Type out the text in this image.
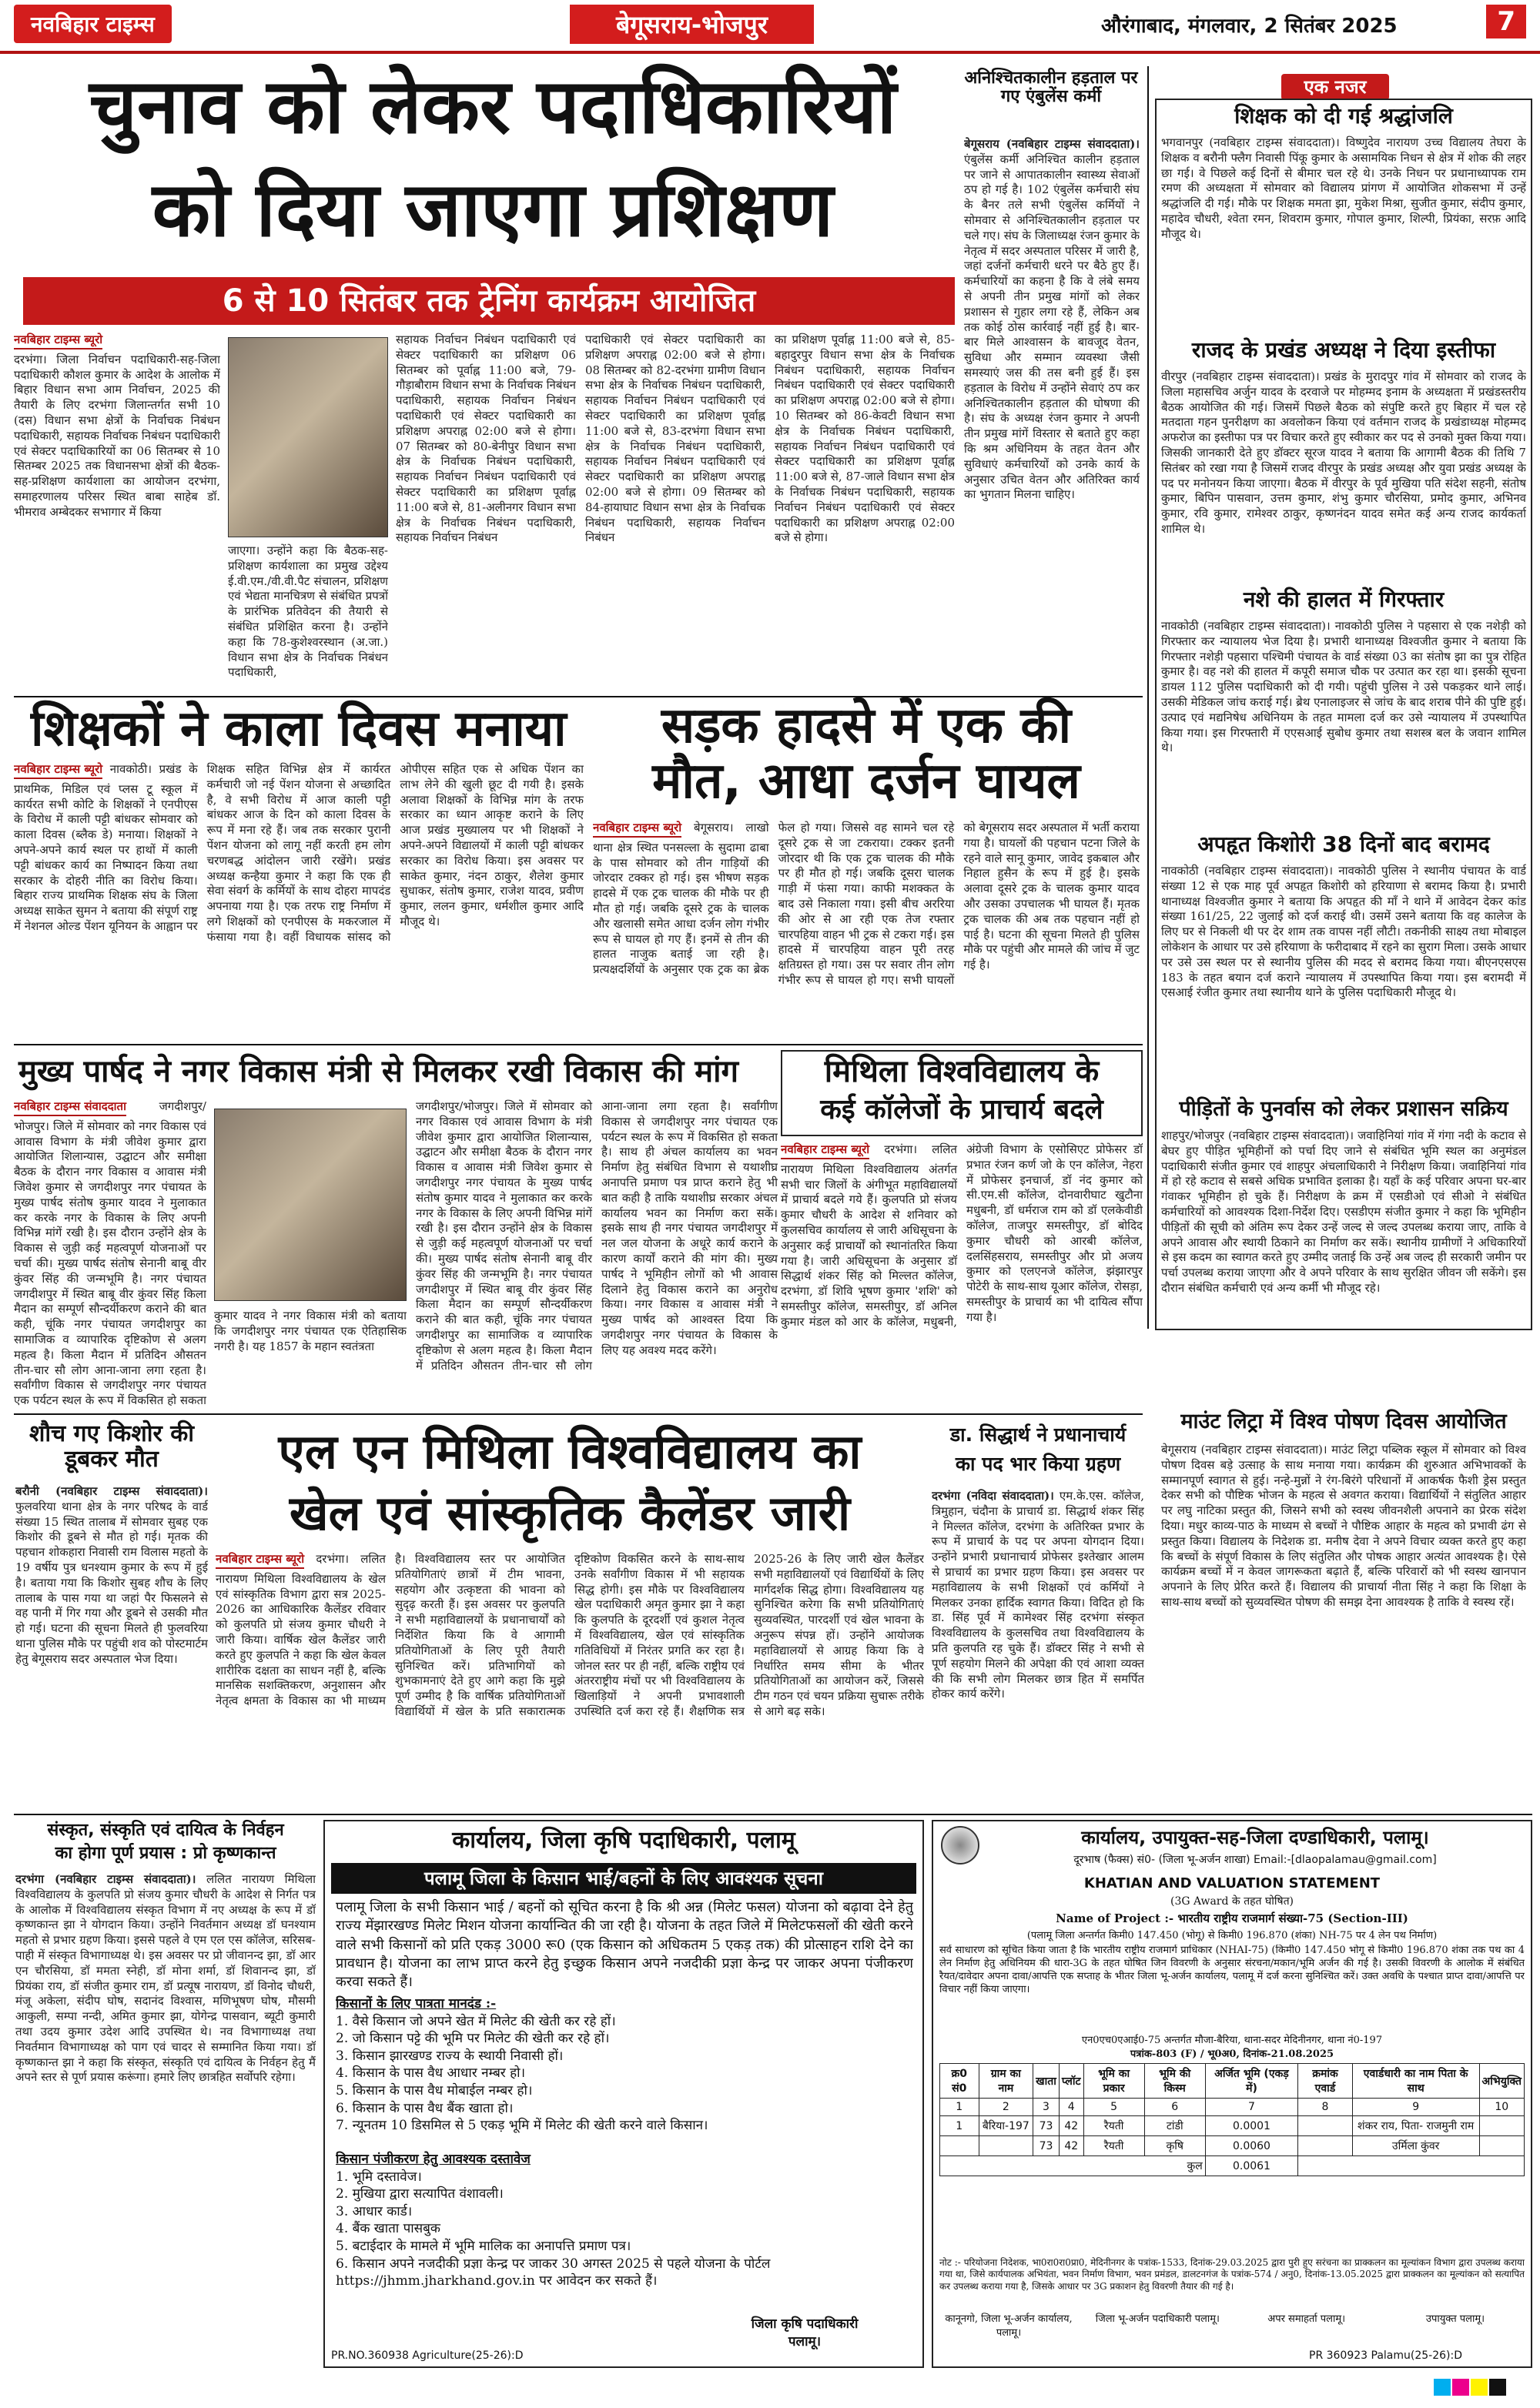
नवबिहार टाइम्स	बेगूसराय-भोजपुर	औरंगाबाद, मंगलवार, 2 सितंबर 2025	7
चुनाव को लेकर पदाधिकारियों
को दिया जाएगा प्रशिक्षण
6 से 10 सितंबर तक ट्रेनिंग कार्यक्रम आयोजित
नवबिहार टाइम्स ब्यूरो
दरभंगा। जिला निर्वाचन पदाधिकारी-सह-जिला पदाधिकारी कौशल कुमार के आदेश के आलोक में बिहार विधान सभा आम निर्वाचन, 2025 की तैयारी के लिए दरभंगा जिलान्तर्गत सभी 10 (दस) विधान सभा क्षेत्रों के निर्वाचक निबंधन पदाधिकारी, सहायक निर्वाचक निबंधन पदाधिकारी एवं सेक्टर पदाधिकारियों का 06 सितम्बर से 10 सितम्बर 2025 तक विधानसभा क्षेत्रों की बैठक-सह-प्रशिक्षण कार्यशाला का आयोजन दरभंगा, समाहरणालय परिसर स्थित बाबा साहेब डॉ. भीमराव अम्बेदकर सभागार में किया
जाएगा। उन्होंने कहा कि बैठक-सह-प्रशिक्षण कार्यशाला का प्रमुख उद्देश्य ई.वी.एम./वी.वी.पैट संचालन, प्रशिक्षण एवं भेद्यता मानचित्रण से संबंधित प्रपत्रों के प्रारंभिक प्रतिवेदन की तैयारी से संबंधित प्रशिक्षित करना है। उन्होंने कहा कि 78-कुशेश्वरस्थान (अ.जा.) विधान सभा क्षेत्र के निर्वाचक निबंधन पदाधिकारी,
सहायक निर्वाचन निबंधन पदाधिकारी एवं सेक्टर पदाधिकारी का प्रशिक्षण 06 सितम्बर को पूर्वाह्न 11:00 बजे, 79-गौड़ाबौराम विधान सभा के निर्वाचक निबंधन पदाधिकारी, सहायक निर्वाचन निबंधन पदाधिकारी एवं सेक्टर पदाधिकारी का प्रशिक्षण अपराह्न 02:00 बजे से होगा। 07 सितम्बर को 80-बेनीपुर विधान सभा क्षेत्र के निर्वाचक निबंधन पदाधिकारी, सहायक निर्वाचन निबंधन पदाधिकारी एवं सेक्टर पदाधिकारी का प्रशिक्षण पूर्वाह्न 11:00 बजे से, 81-अलीनगर विधान सभा क्षेत्र के निर्वाचक निबंधन पदाधिकारी, सहायक निर्वाचन निबंधन
पदाधिकारी एवं सेक्टर पदाधिकारी का प्रशिक्षण अपराह्न 02:00 बजे से होगा। 08 सितम्बर को 82-दरभंगा ग्रामीण विधान सभा क्षेत्र के निर्वाचक निबंधन पदाधिकारी, सहायक निर्वाचन निबंधन पदाधिकारी एवं सेक्टर पदाधिकारी का प्रशिक्षण पूर्वाह्न 11:00 बजे से, 83-दरभंगा विधान सभा क्षेत्र के निर्वाचक निबंधन पदाधिकारी, सहायक निर्वाचन निबंधन पदाधिकारी एवं सेक्टर पदाधिकारी का प्रशिक्षण अपराह्न 02:00 बजे से होगा। 09 सितम्बर को 84-हायाघाट विधान सभा क्षेत्र के निर्वाचक निबंधन पदाधिकारी, सहायक निर्वाचन निबंधन
का प्रशिक्षण पूर्वाह्न 11:00 बजे से, 85-बहादुरपुर विधान सभा क्षेत्र के निर्वाचक निबंधन पदाधिकारी, सहायक निर्वाचन निबंधन पदाधिकारी एवं सेक्टर पदाधिकारी का प्रशिक्षण अपराह्न 02:00 बजे से होगा। 10 सितम्बर को 86-केवटी विधान सभा क्षेत्र के निर्वाचक निबंधन पदाधिकारी, सहायक निर्वाचन निबंधन पदाधिकारी एवं सेक्टर पदाधिकारी का प्रशिक्षण पूर्वाह्न 11:00 बजे से, 87-जाले विधान सभा क्षेत्र के निर्वाचक निबंधन पदाधिकारी, सहायक निर्वाचन निबंधन पदाधिकारी एवं सेक्टर पदाधिकारी का प्रशिक्षण अपराह्न 02:00 बजे से होगा।
अनिश्चितकालीन हड़ताल पर गए एंबुलेंस कर्मी
बेगूसराय (नवबिहार टाइम्स संवाददाता)। एंबुलेंस कर्मी अनिश्चित कालीन हड़ताल पर जाने से आपातकालीन स्वास्थ्य सेवाओं ठप हो गई है। 102 एंबुलेंस कर्मचारी संघ के बैनर तले सभी एंबुलेंस कर्मियों ने सोमवार से अनिश्चितकालीन हड़ताल पर चले गए। संघ के जिलाध्यक्ष रंजन कुमार के नेतृत्व में सदर अस्पताल परिसर में जारी है, जहां दर्जनों कर्मचारी धरने पर बैठे हुए हैं। कर्मचारियों का कहना है कि वे लंबे समय से अपनी तीन प्रमुख मांगों को लेकर प्रशासन से गुहार लगा रहे हैं, लेकिन अब तक कोई ठोस कार्रवाई नहीं हुई है। बार-बार मिले आश्वासन के बावजूद वेतन, सुविधा और सम्मान व्यवस्था जैसी समस्याएं जस की तस बनी हुई हैं। इस हड़ताल के विरोध में उन्होंने सेवाएं ठप कर अनिश्चितकालीन हड़ताल की घोषणा की है। संघ के अध्यक्ष रंजन कुमार ने अपनी तीन प्रमुख मांगें विस्तार से बताते हुए कहा कि श्रम अधिनियम के तहत वेतन और सुविधाएं कर्मचारियों को उनके कार्य के अनुसार उचित वेतन और अतिरिक्त कार्य का भुगतान मिलना चाहिए।
एक नजर
शिक्षक को दी गई श्रद्धांजलि
भगवानपुर (नवबिहार टाइम्स संवाददाता)। विष्णुदेव नारायण उच्च विद्यालय तेघरा के शिक्षक व बरौनी फ्लैग निवासी पिंकू कुमार के असामयिक निधन से क्षेत्र में शोक की लहर छा गई। वे पिछले कई दिनों से बीमार चल रहे थे। उनके निधन पर प्रधानाध्यापक राम रमण की अध्यक्षता में सोमवार को विद्यालय प्रांगण में आयोजित शोकसभा में उन्हें श्रद्धांजलि दी गई। मौके पर शिक्षक ममता झा, मुकेश मिश्रा, सुजीत कुमार, संदीप कुमार, महादेव चौधरी, श्वेता रमन, शिवराम कुमार, गोपाल कुमार, शिल्पी, प्रियंका, सरफ़ आदि मौजूद थे।
राजद के प्रखंड अध्यक्ष ने दिया इस्तीफा
वीरपुर (नवबिहार टाइम्स संवाददाता)। प्रखंड के मुरादपुर गांव में सोमवार को राजद के जिला महासचिव अर्जुन यादव के दरवाजे पर मोहम्मद इनाम के अध्यक्षता में प्रखंडस्तरीय बैठक आयोजित की गई। जिसमें पिछले बैठक को संपुष्टि करते हुए बिहार में चल रहे मतदाता गहन पुनरीक्षण का अवलोकन किया एवं वर्तमान राजद के प्रखंडाध्यक्ष मोहम्मद अफरोज का इस्तीफा पत्र पर विचार करते हुए स्वीकार कर पद से उनको मुक्त किया गया। जिसकी जानकारी देते हुए डॉक्टर सूरज यादव ने बताया कि आगामी बैठक की तिथि 7 सितंबर को रखा गया है जिसमें राजद वीरपुर के प्रखंड अध्यक्ष और युवा प्रखंड अध्यक्ष के पद पर मनोनयन किया जाएगा। बैठक में वीरपुर के पूर्व मुखिया पति संदेश सहनी, संतोष कुमार, बिपिन पासवान, उत्तम कुमार, शंभु कुमार चौरसिया, प्रमोद कुमार, अभिनव कुमार, रवि कुमार, रामेश्वर ठाकुर, कृष्णनंदन यादव समेत कई अन्य राजद कार्यकर्ता शामिल थे।
नशे की हालत में गिरफ्तार
नावकोठी (नवबिहार टाइम्स संवाददाता)। नावकोठी पुलिस ने पहसारा से एक नशेड़ी को गिरफ्तार कर न्यायालय भेज दिया है। प्रभारी थानाध्यक्ष विश्वजीत कुमार ने बताया कि गिरफ्तार नशेड़ी पहसारा पश्चिमी पंचायत के वार्ड संख्या 03 का संतोष झा का पुत्र रोहित कुमार है। वह नशे की हालत में कपूरी समाज चौक पर उत्पात कर रहा था। इसकी सूचना डायल 112 पुलिस पदाधिकारी को दी गयी। पहुंची पुलिस ने उसे पकड़कर थाने लाई। उसकी मेडिकल जांच कराई गई। ब्रेथ एनालाइजर से जांच के बाद शराब पीने की पुष्टि हुई। उत्पाद एवं मद्यनिषेध अधिनियम के तहत मामला दर्ज कर उसे न्यायालय में उपस्थापित किया गया। इस गिरफ्तारी में एएसआई सुबोध कुमार तथा सशस्त्र बल के जवान शामिल थे।
अपहृत किशोरी 38 दिनों बाद बरामद
नावकोठी (नवबिहार टाइम्स संवाददाता)। नावकोठी पुलिस ने स्थानीय पंचायत के वार्ड संख्या 12 से एक माह पूर्व अपहृत किशोरी को हरियाणा से बरामद किया है। प्रभारी थानाध्यक्ष विश्वजीत कुमार ने बताया कि अपहृत की माँ ने थाने में आवेदन देकर कांड संख्या 161/25, 22 जुलाई को दर्ज कराई थी। उसमें उसने बताया कि वह कालेज के लिए घर से निकली थी पर देर शाम तक वापस नहीं लौटी। तकनीकी साक्ष्य तथा मोबाइल लोकेशन के आधार पर उसे हरियाणा के फरीदाबाद में रहने का सुराग मिला। उसके आधार पर उसे उस स्थल पर से स्थानीय पुलिस की मदद से बरामद किया गया। बीएनएसएस 183 के तहत बयान दर्ज कराने न्यायालय में उपस्थापित किया गया। इस बरामदी में एसआई रंजीत कुमार तथा स्थानीय थाने के पुलिस पदाधिकारी मौजूद थे।
पीड़ितों के पुनर्वास को लेकर प्रशासन सक्रिय
शाहपुर/भोजपुर (नवबिहार टाइम्स संवाददाता)। जवाहिनियां गांव में गंगा नदी के कटाव से बेघर हुए पीड़ित भूमिहीनों को पर्चा दिए जाने से संबंधित भूमि स्थल का अनुमंडल पदाधिकारी संजीत कुमार एवं शाहपुर अंचलाधिकारी ने निरीक्षण किया। जवाहिनियां गांव में हो रहे कटाव से सबसे अधिक प्रभावित इलाका है। यहाँ के कई परिवार अपना घर-बार गंवाकर भूमिहीन हो चुके हैं। निरीक्षण के क्रम में एसडीओ एवं सीओ ने संबंधित कर्मचारियों को आवश्यक दिशा-निर्देश दिए। एसडीएम संजीत कुमार ने कहा कि भूमिहीन पीड़ितों की सूची को अंतिम रूप देकर उन्हें जल्द से जल्द उपलब्ध कराया जाए, ताकि वे अपने आवास और स्थायी ठिकाने का निर्माण कर सकें। स्थानीय ग्रामीणों ने अधिकारियों से इस कदम का स्वागत करते हुए उम्मीद जताई कि उन्हें अब जल्द ही सरकारी जमीन पर पर्चा उपलब्ध कराया जाएगा और वे अपने परिवार के साथ सुरक्षित जीवन जी सकेंगे। इस दौरान संबंधित कर्मचारी एवं अन्य कर्मी भी मौजूद रहे।
माउंट लिट्रा में विश्व पोषण दिवस आयोजित
बेगूसराय (नवबिहार टाइम्स संवाददाता)। माउंट लिट्रा पब्लिक स्कूल में सोमवार को विश्व पोषण दिवस बड़े उत्साह के साथ मनाया गया। कार्यक्रम की शुरुआत अभिभावकों के सम्मानपूर्ण स्वागत से हुई। नन्हे-मुन्नों ने रंग-बिरंगे परिधानों में आकर्षक फैशी ड्रेस प्रस्तुत देकर सभी को पौष्टिक भोजन के महत्व से अवगत कराया। विद्यार्थियों ने संतुलित आहार पर लघु नाटिका प्रस्तुत की, जिसने सभी को स्वस्थ जीवनशैली अपनाने का प्रेरक संदेश दिया। मधुर काव्य-पाठ के माध्यम से बच्चों ने पौष्टिक आहार के महत्व को प्रभावी ढंग से प्रस्तुत किया। विद्यालय के निदेशक डा. मनीष देवा ने अपने विचार व्यक्त करते हुए कहा कि बच्चों के संपूर्ण विकास के लिए संतुलित और पोषक आहार अत्यंत आवश्यक है। ऐसे कार्यक्रम बच्चों में न केवल जागरूकता बढ़ाते हैं, बल्कि परिवारों को भी स्वस्थ खानपान अपनाने के लिए प्रेरित करते हैं। विद्यालय की प्राचार्या नीता सिंह ने कहा कि शिक्षा के साथ-साथ बच्चों को सुव्यवस्थित पोषण की समझ देना आवश्यक है ताकि वे स्वस्थ रहें।
शिक्षकों ने काला दिवस मनाया
नवबिहार टाइम्स ब्यूरो नावकोठी। प्रखंड के प्राथमिक, मिडिल एवं प्लस टू स्कूल में कार्यरत सभी कोटि के शिक्षकों ने एनपीएस के विरोध में काली पट्टी बांधकर सोमवार को काला दिवस (ब्लैक डे) मनाया। शिक्षकों ने अपने-अपने कार्य स्थल पर हाथों में काली पट्टी बांधकर कार्य का निष्पादन किया तथा सरकार के दोहरी नीति का विरोध किया। बिहार राज्य प्राथमिक शिक्षक संघ के जिला अध्यक्ष साकेत सुमन ने बताया की संपूर्ण राष्ट्र में नेशनल ओल्ड पेंशन यूनियन के आह्वान पर शिक्षक सहित विभिन्न क्षेत्र में कार्यरत कर्मचारी जो नई पेंशन योजना से अच्छादित है, वे सभी विरोध में आज काली पट्टी बांधकर आज के दिन को काला दिवस के रूप में मना रहे हैं। जब तक सरकार पुरानी पेंशन योजना को लागू नहीं करती हम लोग चरणबद्ध आंदोलन जारी रखेंगे। प्रखंड अध्यक्ष कन्हैया कुमार ने कहा कि एक ही सेवा संवर्ग के कर्मियों के साथ दोहरा मापदंड अपनाया गया है। एक तरफ राष्ट्र निर्माण में लगे शिक्षकों को एनपीएस के मकरजाल में फंसाया गया है। वहीं विधायक सांसद को ओपीएस सहित एक से अधिक पेंशन का लाभ लेने की खुली छूट दी गयी है। इसके अलावा शिक्षकों के विभिन्न मांग के तरफ सरकार का ध्यान आकृष्ट कराने के लिए आज प्रखंड मुख्यालय पर भी शिक्षकों ने अपने-अपने विद्यालयों में काली पट्टी बांधकर सरकार का विरोध किया। इस अवसर पर साकेत कुमार, नंदन ठाकुर, शैलेश कुमार सुधाकर, संतोष कुमार, राजेश यादव, प्रवीण कुमार, ललन कुमार, धर्मशील कुमार आदि मौजूद थे।
सड़क हादसे में एक की
मौत, आधा दर्जन घायल
नवबिहार टाइम्स ब्यूरो बेगूसराय। लाखो थाना क्षेत्र स्थित पनसल्ला के सुदामा ढाबा के पास सोमवार को तीन गाड़ियों की जोरदार टक्कर हो गई। इस भीषण सड़क हादसे में एक ट्रक चालक की मौके पर ही मौत हो गई। जबकि दूसरे ट्रक के चालक और खलासी समेत आधा दर्जन लोग गंभीर रूप से घायल हो गए हैं। इनमें से तीन की हालत नाजुक बताई जा रही है। प्रत्यक्षदर्शियों के अनुसार एक ट्रक का ब्रेक फेल हो गया। जिससे वह सामने चल रहे दूसरे ट्रक से जा टकराया। टक्कर इतनी जोरदार थी कि एक ट्रक चालक की मौके पर ही मौत हो गई। जबकि दूसरा चालक गाड़ी में फंसा गया। काफी मशक्कत के बाद उसे निकाला गया। इसी बीच अररिया की ओर से आ रही एक तेज रफ्तार चारपहिया वाहन भी ट्रक से टकरा गई। इस हादसे में चारपहिया वाहन पूरी तरह क्षतिग्रस्त हो गया। उस पर सवार तीन लोग गंभीर रूप से घायल हो गए। सभी घायलों को बेगूसराय सदर अस्पताल में भर्ती कराया गया है। घायलों की पहचान पटना जिले के रहने वाले सानू कुमार, जावेद इकबाल और निहाल हुसैन के रूप में हुई है। इसके अलावा दूसरे ट्रक के चालक कुमार यादव और उसका उपचालक भी घायल हैं। मृतक ट्रक चालक की अब तक पहचान नहीं हो पाई है। घटना की सूचना मिलते ही पुलिस मौके पर पहुंची और मामले की जांच में जुट गई है।
मुख्य पार्षद ने नगर विकास मंत्री से मिलकर रखी विकास की मांग
नवबिहार टाइम्स संवाददाता	जगदीशपुर/भोजपुर। जिले में सोमवार को नगर विकास एवं आवास विभाग के मंत्री जीवेश कुमार द्वारा आयोजित शिलान्यास, उद्घाटन और समीक्षा बैठक के दौरान नगर विकास व आवास मंत्री जिवेश कुमार से जगदीशपुर नगर पंचायत के मुख्य पार्षद संतोष कुमार यादव ने मुलाकात कर करके नगर के विकास के लिए अपनी विभिन्न मांगें रखी है। इस दौरान उन्होंने क्षेत्र के विकास से जुड़ी कई महत्वपूर्ण योजनाओं पर चर्चा की। मुख्य पार्षद संतोष सेनानी बाबू वीर कुंवर सिंह की जन्मभूमि है। नगर पंचायत जगदीशपुर में स्थित बाबू वीर कुंवर सिंह किला मैदान का सम्पूर्ण सौन्दर्यीकरण कराने की बात कही, चूंकि नगर पंचायत जगदीशपुर का सामाजिक व व्यापारिक दृष्टिकोण से अलग महत्व है। किला मैदान में प्रतिदिन औसतन तीन-चार सौ लोग आना-जाना लगा रहता है। सर्वांगीण विकास से जगदीशपुर नगर पंचायत एक पर्यटन स्थल के रूप में विकसित हो सकता
कुमार यादव ने नगर विकास मंत्री को बताया कि जगदीशपुर नगर पंचायत एक ऐतिहासिक नगरी है। यह 1857 के महान स्वतंत्रता
जगदीशपुर/भोजपुर। जिले में सोमवार को नगर विकास एवं आवास विभाग के मंत्री जीवेश कुमार द्वारा आयोजित शिलान्यास, उद्घाटन और समीक्षा बैठक के दौरान नगर विकास व आवास मंत्री जिवेश कुमार से जगदीशपुर नगर पंचायत के मुख्य पार्षद संतोष कुमार यादव ने मुलाकात कर करके नगर के विकास के लिए अपनी विभिन्न मांगें रखी है। इस दौरान उन्होंने क्षेत्र के विकास से जुड़ी कई महत्वपूर्ण योजनाओं पर चर्चा की। मुख्य पार्षद संतोष सेनानी बाबू वीर कुंवर सिंह की जन्मभूमि है। नगर पंचायत जगदीशपुर में स्थित बाबू वीर कुंवर सिंह किला मैदान का सम्पूर्ण सौन्दर्यीकरण कराने की बात कही, चूंकि नगर पंचायत जगदीशपुर का सामाजिक व व्यापारिक दृष्टिकोण से अलग महत्व है। किला मैदान में प्रतिदिन औसतन तीन-चार सौ लोग आना-जाना लगा रहता है। सर्वांगीण विकास से जगदीशपुर नगर पंचायत एक पर्यटन स्थल के रूप में विकसित हो सकता है। साथ ही अंचल कार्यालय का भवन निर्माण हेतु संबंधित विभाग से यथाशीघ्र अनापत्ति प्रमाण पत्र प्राप्त कराने हेतु भी बात कही है ताकि यथाशीघ्र सरकार अंचल कार्यालय भवन का निर्माण करा सकें। इसके साथ ही नगर पंचायत जगदीशपुर में नल जल योजना के अधूरे कार्य कराने के कारण कार्यों कराने की मांग की। मुख्य पार्षद ने भूमिहीन लोगों को भी आवास दिलाने हेतु विकास कराने का अनुरोध किया। नगर विकास व आवास मंत्री ने मुख्य पार्षद को आश्वस्त दिया कि जगदीशपुर नगर पंचायत के विकास के लिए यह अवश्य मदद करेंगे।
मिथिला विश्वविद्यालय के
कई कॉलेजों के प्राचार्य बदले
नवबिहार टाइम्स ब्यूरो दरभंगा। ललित नारायण मिथिला विश्वविद्यालय अंतर्गत सभी चार जिलों के अंगीभूत महाविद्यालयों में प्राचार्य बदले गये हैं। कुलपति प्रो संजय कुमार चौधरी के आदेश से शनिवार को कुलसचिव कार्यालय से जारी अधिसूचना के अनुसार कई प्राचार्यों को स्थानांतरित किया गया है। जारी अधिसूचना के अनुसार डॉ सिद्धार्थ शंकर सिंह को मिल्लत कॉलेज, दरभंगा, डॉ शिवि भूषण कुमार 'शशि' को समस्तीपुर कॉलेज, समस्तीपुर, डॉ अनिल कुमार मंडल को आर के कॉलेज, मधुबनी, अंग्रेजी विभाग के एसोसिएट प्रोफेसर डॉ प्रभात रंजन कर्ण जो के एन कॉलेज, नेहरा में प्रोफेसर इनचार्ज, डॉ नंद कुमार को सी.एम.सी कॉलेज, दोनवारीघाट खुटौना मधुबनी, डॉ धर्मराज राम को डॉ एलकेवीडी कॉलेज, ताजपुर समस्तीपुर, डॉ बोदिद कुमार चौधरी को आरबी कॉलेज, दलसिंहसराय, समस्तीपुर और प्रो अजय कुमार को एलएनजे कॉलेज, झंझारपुर पोटेरी के साथ-साथ यूआर कॉलेज, रोसड़ा, समस्तीपुर के प्राचार्य का भी दायित्व सौंपा गया है।
शौच गए किशोर की डूबकर मौत
बरौनी (नवबिहार टाइम्स संवाददाता)। फुलवरिया थाना क्षेत्र के नगर परिषद के वार्ड संख्या 15 स्थित तालाब में सोमवार सुबह एक किशोर की डूबने से मौत हो गई। मृतक की पहचान शोकहारा निवासी राम विलास महतो के 19 वर्षीय पुत्र धनश्याम कुमार के रूप में हुई है। बताया गया कि किशोर सुबह शौच के लिए तालाब के पास गया था जहां पैर फिसलने से वह पानी में गिर गया और डूबने से उसकी मौत हो गई। घटना की सूचना मिलते ही फुलवरिया थाना पुलिस मौके पर पहुंची शव को पोस्टमार्टम हेतु बेगूसराय सदर अस्पताल भेज दिया।
एल एन मिथिला विश्वविद्यालय का
खेल एवं सांस्कृतिक कैलेंडर जारी
नवबिहार टाइम्स ब्यूरो दरभंगा। ललित नारायण मिथिला विश्वविद्यालय के खेल एवं सांस्कृतिक विभाग द्वारा सत्र 2025-2026 का आधिकारिक कैलेंडर रविवार को कुलपति प्रो संजय कुमार चौधरी ने जारी किया। वार्षिक खेल कैलेंडर जारी करते हुए कुलपति ने कहा कि खेल केवल शारीरिक दक्षता का साधन नहीं है, बल्कि मानसिक सशक्तिकरण, अनुशासन और नेतृत्व क्षमता के विकास का भी माध्यम है। विश्वविद्यालय स्तर पर आयोजित प्रतियोगिताएं छात्रों में टीम भावना, सहयोग और उत्कृष्टता की भावना को सुदृढ़ करती हैं। इस अवसर पर कुलपति ने सभी महाविद्यालयों के प्रधानाचार्यों को निर्देशित किया कि वे आगामी प्रतियोगिताओं के लिए पूरी तैयारी सुनिश्चित करें। प्रतिभागियों को शुभकामनाएं देते हुए आगे कहा कि मुझे पूर्ण उम्मीद है कि वार्षिक प्रतियोगिताओं विद्यार्थियों में खेल के प्रति सकारात्मक दृष्टिकोण विकसित करने के साथ-साथ उनके सर्वांगीण विकास में भी सहायक सिद्ध होगी। इस मौके पर विश्वविद्यालय खेल पदाधिकारी अमृत कुमार झा ने कहा कि कुलपति के दूरदर्शी एवं कुशल नेतृत्व में विश्वविद्यालय, खेल एवं सांस्कृतिक गतिविधियों में निरंतर प्रगति कर रहा है। जोनल स्तर पर ही नहीं, बल्कि राष्ट्रीय एवं अंतरराष्ट्रीय मंचों पर भी विश्वविद्यालय के खिलाड़ियों ने अपनी प्रभावशाली उपस्थिति दर्ज करा रहे हैं। शैक्षणिक सत्र 2025-26 के लिए जारी खेल कैलेंडर सभी महाविद्यालयों एवं विद्यार्थियों के लिए मार्गदर्शक सिद्ध होगा। विश्वविद्यालय यह सुनिश्चित करेगा कि सभी प्रतियोगिताएं सुव्यवस्थित, पारदर्शी एवं खेल भावना के अनुरूप संपन्न हों। उन्होंने आयोजक महाविद्यालयों से आग्रह किया कि वे निर्धारित समय सीमा के भीतर प्रतियोगिताओं का आयोजन करें, जिससे टीम गठन एवं चयन प्रक्रिया सुचारू तरीके से आगे बढ़ सके।
डा. सिद्धार्थ ने प्रधानाचार्य
का पद भार किया ग्रहण
दरभंगा (नविदा संवाददाता)। एम.के.एस. कॉलेज, त्रिमुहान, चंदौना के प्राचार्य डा. सिद्धार्थ शंकर सिंह ने मिल्लत कॉलेज, दरभंगा के अतिरिक्त प्रभार के रूप में प्राचार्य के पद पर अपना योगदान दिया। उन्होंने प्रभारी प्रधानाचार्य प्रोफेसर इश्तेखार आलम से प्राचार्य का प्रभार ग्रहण किया। इस अवसर पर महाविद्यालय के सभी शिक्षकों एवं कर्मियों ने मिलकर उनका हार्दिक स्वागत किया। विदित हो कि डा. सिंह पूर्व में कामेश्वर सिंह दरभंगा संस्कृत विश्वविद्यालय के कुलसचिव तथा विश्वविद्यालय के प्रति कुलपति रह चुके हैं। डॉक्टर सिंह ने सभी से पूर्ण सहयोग मिलने की अपेक्षा की एवं आशा व्यक्त की कि सभी लोग मिलकर छात्र हित में समर्पित होकर कार्य करेंगे।
संस्कृत, संस्कृति एवं दायित्व के निर्वहन
का होगा पूर्ण प्रयास : प्रो कृष्णकान्त
दरभंगा (नवबिहार टाइम्स संवाददाता)। ललित नारायण मिथिला विश्वविद्यालय के कुलपति प्रो संजय कुमार चौधरी के आदेश से निर्गत पत्र के आलोक में विश्वविद्यालय संस्कृत विभाग में नए अध्यक्ष के रूप में डॉ कृष्णकान्त झा ने योगदान किया। उन्होंने निवर्तमान अध्यक्ष डॉ घनश्याम महतो से प्रभार ग्रहण किया। इससे पहले वे एम एल एस कॉलेज, सरिसब-पाही में संस्कृत विभागाध्यक्ष थे। इस अवसर पर प्रो जीवानन्द झा, डॉ आर एन चौरसिया, डॉ ममता स्नेही, डॉ मोना शर्मा, डॉ शिवानन्द झा, डॉ प्रियंका राय, डॉ संजीत कुमार राम, डॉ प्रत्यूष नारायण, डॉ विनोद चौधरी, मंजू अकेला, संदीप घोष, सदानंद विश्वास, मणिभूषण घोष, मौसमी आकुली, सम्पा नन्दी, अमित कुमार झा, योगेन्द्र पासवान, ब्यूटी कुमारी तथा उदय कुमार उदेश आदि उपस्थित थे। नव विभागाध्यक्ष तथा निवर्तमान विभागाध्यक्ष को पाग एवं चादर से सम्मानित किया गया। डॉ कृष्णकान्त झा ने कहा कि संस्कृत, संस्कृति एवं दायित्व के निर्वहन हेतु मैं अपने स्तर से पूर्ण प्रयास करूंगा। हमारे लिए छात्रहित सर्वोपरि रहेगा।
कार्यालय, जिला कृषि पदाधिकारी, पलामू
पलामू जिला के किसान भाई/बहनों के लिए आवश्यक सूचना
पलामू जिला के सभी किसान भाई / बहनों को सूचित करना है कि श्री अन्न (मिलेट फसल) योजना को बढ़ावा देने हेतु राज्य मेंझारखण्ड मिलेट मिशन योजना कार्यान्वित की जा रही है। योजना के तहत जिले में मिलेटफसलों की खेती करने वाले सभी किसानों को प्रति एकड़ 3000 रू0 (एक किसान को अधिकतम 5 एकड़ तक) की प्रोत्साहन राशि देने का प्रावधान है। योजना का लाभ प्राप्त करने हेतु इच्छुक किसान अपने नजदीकी प्रज्ञा केन्द्र पर जाकर अपना पंजीकरण करवा सकते हैं।
किसानों के लिए पात्रता मानदंड :-
1. वैसे किसान जो अपने खेत में मिलेट की खेती कर रहे हों।
2. जो किसान पट्टे की भूमि पर मिलेट की खेती कर रहे हों।
3. किसान झारखण्ड राज्य के स्थायी निवासी हों।
4. किसान के पास वैध आधार नम्बर हो।
5. किसान के पास वैध मोबाईल नम्बर हो।
6. किसान के पास वैध बैंक खाता हो।
7. न्यूनतम 10 डिसमिल से 5 एकड़ भूमि में मिलेट की खेती करने वाले किसान।
किसान पंजीकरण हेतु आवश्यक दस्तावेज
1. भूमि दस्तावेज।
2. मुखिया द्वारा सत्यापित वंशावली।
3. आधार कार्ड।
4. बैंक खाता पासबुक
5. बटाईदार के मामले में भूमि मालिक का अनापत्ति प्रमाण पत्र।
6. किसान अपने नजदीकी प्रज्ञा केन्द्र पर जाकर 30 अगस्त 2025 से पहले योजना के पोर्टल https://jhmm.jharkhand.gov.in पर आवेदन कर सकते हैं।
जिला कृषि पदाधिकारी
पलामू।
PR.NO.360938 Agriculture(25-26):D
कार्यालय, उपायुक्त-सह-जिला दण्डाधिकारी, पलामू।
दूरभाष (फैक्स) सं0- (जिला भू-अर्जन शाखा) Email:-[dlaopalamau@gmail.com]
KHATIAN AND VALUATION STATEMENT
(3G Award के तहत घोषित)
Name of Project :- भारतीय राष्ट्रीय राजमार्ग संख्या-75 (Section-III)
(पलामू जिला अन्तर्गत किमी0 147.450 (भोगू) से किमी0 196.870 (शंका) NH-75 पर 4 लेन पथ निर्माण)
सर्व साधारण को सूचित किया जाता है कि भारतीय राष्ट्रीय राजमार्ग प्राधिकार (NHAI-75) (किमी0 147.450 भोगू से किमी0 196.870 शंका तक पथ का 4 लेन निर्माण हेतु अधिनियम की धारा-3G के तहत घोषित जिन विवरणी के अनुसार संरचना/मकान/भूमि अर्जन की गई है। उसकी विवरणी के आलोक में संबंधित रैयत/दावेदार अपना दावा/आपत्ति एक सप्ताह के भीतर जिला भू-अर्जन कार्यालय, पलामू में दर्ज करना सुनिश्चित करें। उक्त अवधि के पश्चात प्राप्त दावा/आपत्ति पर विचार नहीं किया जाएगा।
एन0एच0एआई0-75 अन्तर्गत मौजा-बैरिया, थाना-सदर मेदिनीनगर, थाना नं0-197
पत्रांक-803 (F) / भू0अ0, दिनांक-21.08.2025
क्र0 सं0	ग्राम का नाम	खाता	प्लॉट	भूमि का प्रकार	भूमि की किस्म	अर्जित भूमि (एकड़ में)	क्रमांक एवार्ड	एवार्डधारी का नाम पिता के साथ	अभियुक्ति
1	2	3	4	5	6	7	8	9	10
1	बैरिया-197	73	42	रैयती	टांडी	0.0001		शंकर राय, पिता- राजमुनी राम	
		73	42	रैयती	कृषि	0.0060		उर्मिला कुंवर	
कुल						0.0061			
नोट :- परियोजना निदेशक, भा0रा0रा0प्रा0, मेदिनीनगर के पत्रांक-1533, दिनांक-29.03.2025 द्वारा पुरी हुए सरंचना का प्राक्कलन का मूल्यांकन विभाग द्वारा उपलब्ध कराया गया था, जिसे कार्यपालक अभियंता, भवन निर्माण विभाग, भवन प्रमंडल, डालटनगंज के पत्रांक-574 / अनु0, दिनांक-13.05.2025 द्वारा प्राक्कलन का मूल्यांकन को सत्यापित कर उपलब्ध कराया गया है, जिसके आधार पर 3G प्रकाशन हेतु विवरणी तैयार की गई है।
कानूनगो, जिला भू-अर्जन कार्यालय, पलामू।
जिला भू-अर्जन पदाधिकारी पलामू।	अपर समाहर्ता पलामू।	उपायुक्त पलामू।
PR 360923 Palamu(25-26):D
